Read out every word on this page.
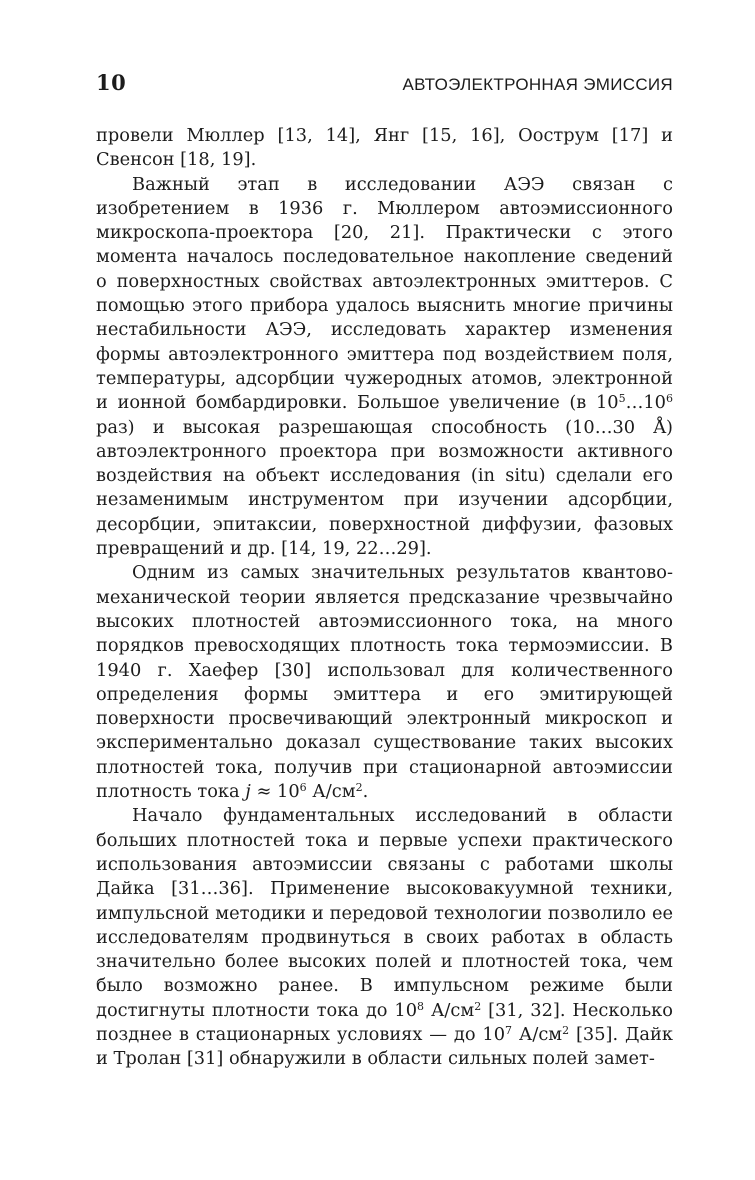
10	АВТОЭЛЕКТРОННАЯ ЭМИССИЯ

провели Мюллер [13, 14], Янг [15, 16], Оострум [17] и Свенсон [18, 19].

Важный этап в исследовании АЭЭ связан с изобретением в 1936 г. Мюллером автоэмиссионного микроскопа-проектора [20, 21]. Практически с этого момента началось последовательное накопление сведений о поверхностных свойствах автоэлектронных эмиттеров. С помощью этого прибора удалось выяснить многие причины нестабильности АЭЭ, исследовать характер изменения формы автоэлектронного эмиттера под воздействием поля, температуры, адсорбции чужеродных атомов, электронной и ионной бомбардировки. Большое увеличение (в $10^5\dots 10^6$ раз) и высокая разрешающая способность (10…30 Å) автоэлектронного проектора при возможности активного воздействия на объект исследования (in situ) сделали его незаменимым инструментом при изучении адсорбции, десорбции, эпитаксии, поверхностной диффузии, фазовых превращений и др. [14, 19, 22…29].

Одним из самых значительных результатов квантово-механической теории является предсказание чрезвычайно высоких плотностей автоэмиссионного тока, на много порядков превосходящих плотность тока термоэмиссии. В 1940 г. Хаефер [30] использовал для количественного определения формы эмиттера и его эмитирующей поверхности просвечивающий электронный микроскоп и экспериментально доказал существование таких высоких плотностей тока, получив при стационарной автоэмиссии плотность тока $j \approx 10^6$ $А/см^2$.

Начало фундаментальных исследований в области больших плотностей тока и первые успехи практического использования автоэмиссии связаны с работами школы Дайка [31…36]. Применение высоковакуумной техники, импульсной методики и передовой технологии позволило ее исследователям продвинуться в своих работах в область значительно более высоких полей и плотностей тока, чем было возможно ранее. В импульсном режиме были достигнуты плотности тока до $10^8$ $А/см^2$ [31, 32]. Несколько позднее в стационарных условиях — до $10^7$ $А/см^2$ [35]. Дайк и Тролан [31] обнаружили в области сильных полей замет-
